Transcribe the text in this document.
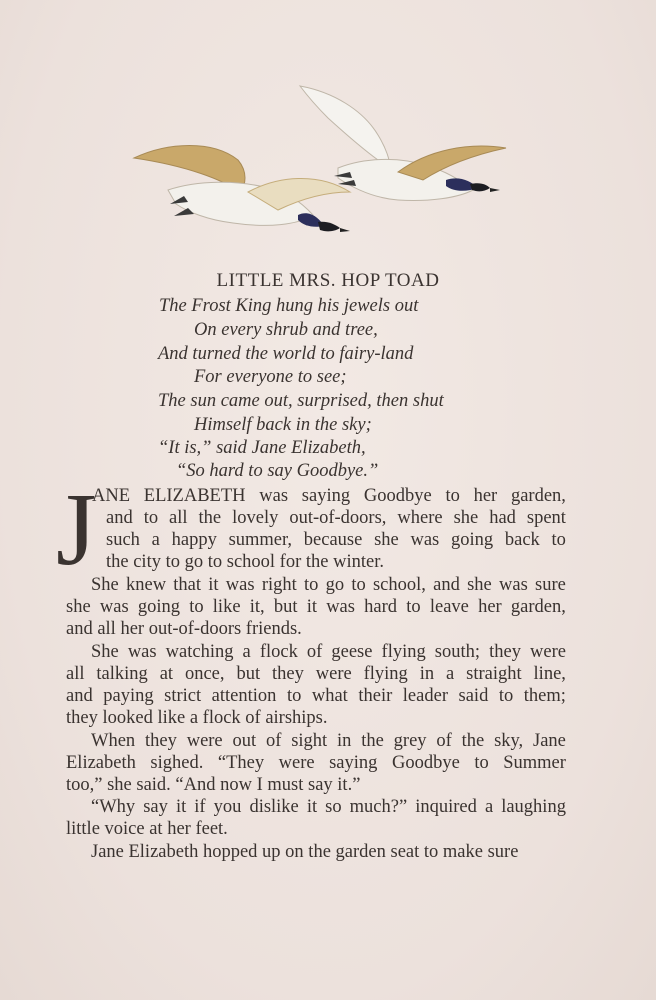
LITTLE MRS. HOP TOAD
The Frost King hung his jewels out
On every shrub and tree,
And turned the world to fairy-land
For everyone to see;
The sun came out, surprised, then shut
Himself back in the sky;
“It is,” said Jane Elizabeth,
“So hard to say Goodbye.”
J
ANE ELIZABETH was saying Goodbye to her garden,
and to all the lovely out-of-doors, where she had spent
such a happy summer, because she was going back to
the city to go to school for the winter.
She knew that it was right to go to school, and she was sure
she was going to like it, but it was hard to leave her garden,
and all her out-of-doors friends.
She was watching a flock of geese flying south; they were
all talking at once, but they were flying in a straight line,
and paying strict attention to what their leader said to them;
they looked like a flock of airships.
When they were out of sight in the grey of the sky, Jane
Elizabeth sighed. “They were saying Goodbye to Summer
too,” she said. “And now I must say it.”
“Why say it if you dislike it so much?” inquired a laughing
little voice at her feet.
Jane Elizabeth hopped up on the garden seat to make sure
